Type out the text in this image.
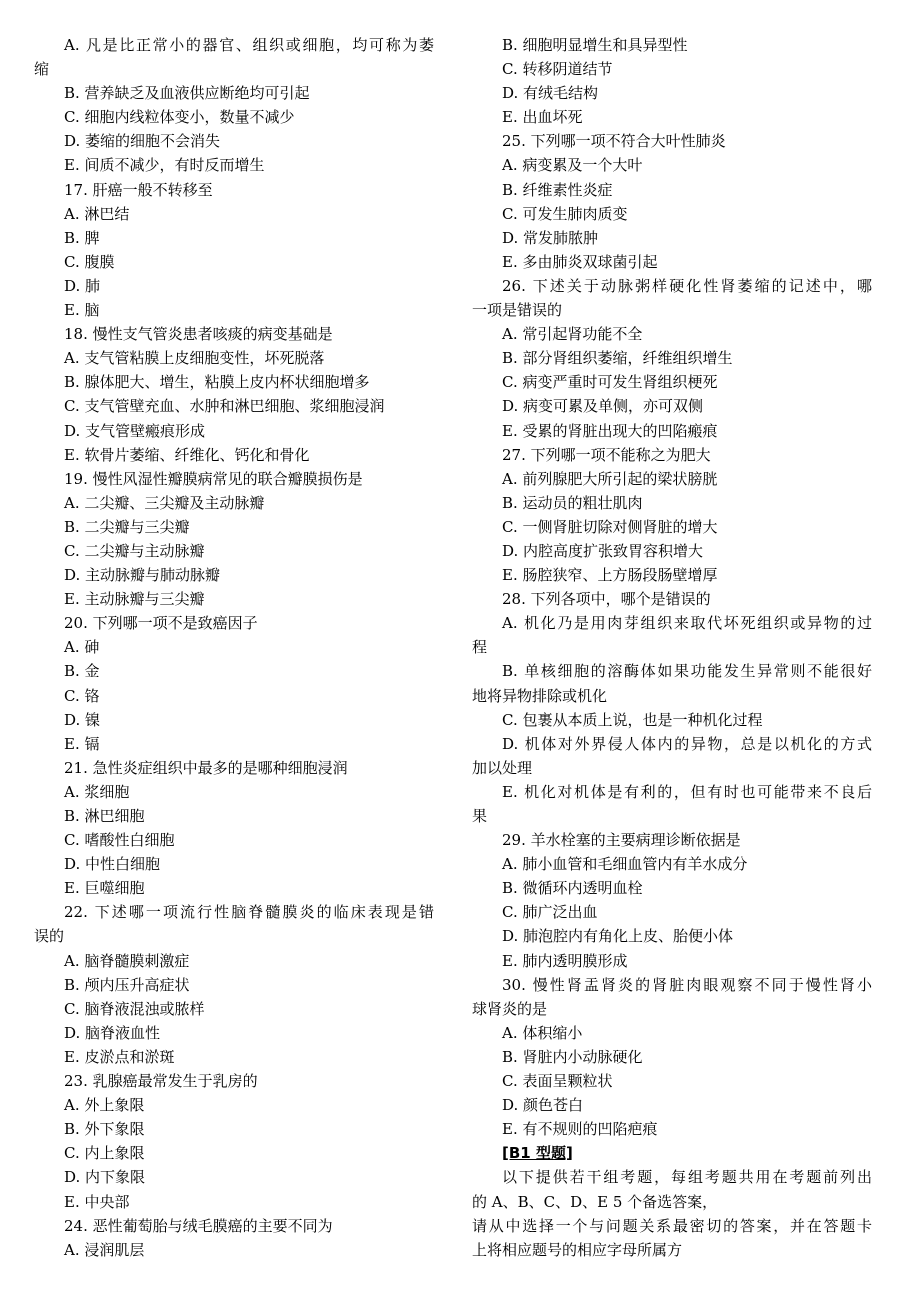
A. 凡是比正常小的器官、组织或细胞，均可称为萎
缩
B. 营养缺乏及血液供应断绝均可引起
C. 细胞内线粒体变小，数量不减少
D. 萎缩的细胞不会消失
E. 间质不减少，有时反而增生
17. 肝癌一般不转移至
A. 淋巴结
B. 脾
C. 腹膜
D. 肺
E. 脑
18. 慢性支气管炎患者咳痰的病变基础是
A. 支气管粘膜上皮细胞变性，坏死脱落
B. 腺体肥大、增生，粘膜上皮内杯状细胞增多
C. 支气管壁充血、水肿和淋巴细胞、浆细胞浸润
D. 支气管壁瘢痕形成
E. 软骨片萎缩、纤维化、钙化和骨化
19. 慢性风湿性瓣膜病常见的联合瓣膜损伤是
A. 二尖瓣、三尖瓣及主动脉瓣
B. 二尖瓣与三尖瓣
C. 二尖瓣与主动脉瓣
D. 主动脉瓣与肺动脉瓣
E. 主动脉瓣与三尖瓣
20. 下列哪一项不是致癌因子
A. 砷
B. 金
C. 铬
D. 镍
E. 镉
21. 急性炎症组织中最多的是哪种细胞浸润
A. 浆细胞
B. 淋巴细胞
C. 嗜酸性白细胞
D. 中性白细胞
E. 巨噬细胞
22. 下述哪一项流行性脑脊髓膜炎的临床表现是错
误的
A. 脑脊髓膜刺激症
B. 颅内压升高症状
C. 脑脊液混浊或脓样
D. 脑脊液血性
E. 皮淤点和淤斑
23. 乳腺癌最常发生于乳房的
A. 外上象限
B. 外下象限
C. 内上象限
D. 内下象限
E. 中央部
24. 恶性葡萄胎与绒毛膜癌的主要不同为
A. 浸润肌层
B. 细胞明显增生和具异型性
C. 转移阴道结节
D. 有绒毛结构
E. 出血坏死
25. 下列哪一项不符合大叶性肺炎
A. 病变累及一个大叶
B. 纤维素性炎症
C. 可发生肺肉质变
D. 常发肺脓肿
E. 多由肺炎双球菌引起
26. 下述关于动脉粥样硬化性肾萎缩的记述中，哪
一项是错误的
A. 常引起肾功能不全
B. 部分肾组织萎缩，纤维组织增生
C. 病变严重时可发生肾组织梗死
D. 病变可累及单侧，亦可双侧
E. 受累的肾脏出现大的凹陷瘢痕
27. 下列哪一项不能称之为肥大
A. 前列腺肥大所引起的梁状膀胱
B. 运动员的粗壮肌肉
C. 一侧肾脏切除对侧肾脏的增大
D. 内腔高度扩张致胃容积增大
E. 肠腔狭窄、上方肠段肠壁增厚
28. 下列各项中，哪个是错误的
A. 机化乃是用肉芽组织来取代坏死组织或异物的过
程
B. 单核细胞的溶酶体如果功能发生异常则不能很好
地将异物排除或机化
C. 包裹从本质上说，也是一种机化过程
D. 机体对外界侵人体内的异物，总是以机化的方式
加以处理
E. 机化对机体是有利的，但有时也可能带来不良后
果
29. 羊水栓塞的主要病理诊断依据是
A. 肺小血管和毛细血管内有羊水成分
B. 微循环内透明血栓
C. 肺广泛出血
D. 肺泡腔内有角化上皮、胎便小体
E. 肺内透明膜形成
30. 慢性肾盂肾炎的肾脏肉眼观察不同于慢性肾小
球肾炎的是
A. 体积缩小
B. 肾脏内小动脉硬化
C. 表面呈颗粒状
D. 颜色苍白
E. 有不规则的凹陷疤痕
[B1 型题]
以下提供若干组考题，每组考题共用在考题前列出
的 A、B、C、D、E 5 个备选答案，
请从中选择一个与问题关系最密切的答案，并在答题卡
上将相应题号的相应字母所属方
